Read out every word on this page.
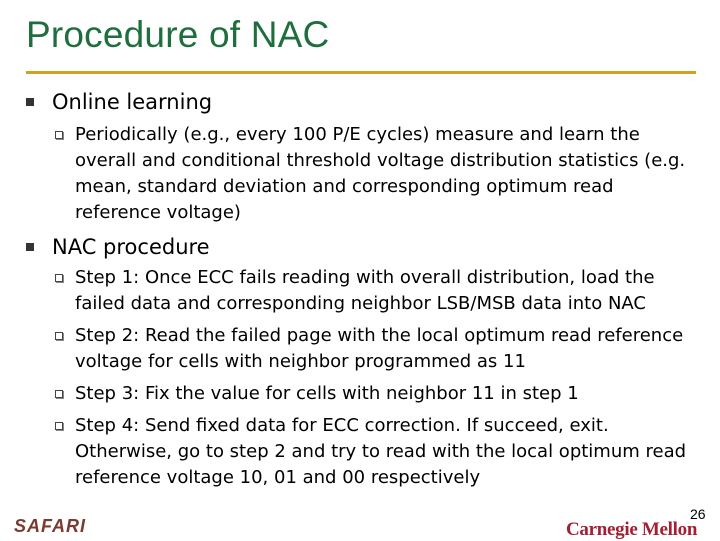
Procedure of NAC
Online learning
Periodically (e.g., every 100 P/E cycles) measure and learn the overall and conditional threshold voltage distribution statistics (e.g. mean, standard deviation and corresponding optimum read reference voltage)
NAC procedure
Step 1: Once ECC fails reading with overall distribution, load the failed data and corresponding neighbor LSB/MSB data into NAC
Step 2: Read the failed page with the local optimum read reference voltage for cells with neighbor programmed as 11
Step 3: Fix the value for cells with neighbor 11 in step 1
Step 4: Send fixed data for ECC correction. If succeed, exit. Otherwise, go to step 2 and try to read with the local optimum read reference voltage 10, 01 and 00 respectively
SAFARI
26
Carnegie Mellon
